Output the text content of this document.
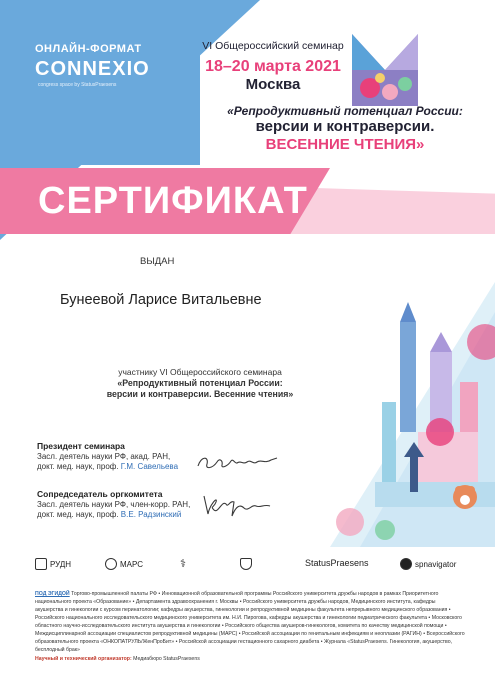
ОНЛАЙН-ФОРМАТ
CONNEXIO
congress space by StatusPraesens
VI Общероссийский семинар
18–20 марта 2021
Москва
«Репродуктивный потенциал России:
версии и контраверсии.
ВЕСЕННИЕ ЧТЕНИЯ»
СЕРТИФИКАТ
ВЫДАН
Бунеевой Ларисе Витальевне
участнику VI Общероссийского семинара
«Репродуктивный потенциал России:
версии и контраверсии. Весенние чтения»
Президент семинара
Засл. деятель науки РФ, акад. РАН,
докт. мед. наук, проф. Г.М. Савельева
Сопредседатель оргкомитета
Засл. деятель науки РФ, член-корр. РАН,
докт. мед. наук, проф. В.Е. Радзинский
РУДН	МАРС	⚕	StatusPraesens	spnavigator
ПОД ЭГИДОЙ Торгово-промышленной палаты РФ • Инновационной образовательной программы Российского университета дружбы народов в рамках Приоритетного национального проекта «Образование» • Департамента здравоохранения г. Москвы • Российского университета дружбы народов, Медицинского института, кафедры акушерства и гинекологии с курсом перинатологии; кафедры акушерства, гинекологии и репродуктивной медицины факультета непрерывного медицинского образования • Российского национального исследовательского медицинского университета им. Н.И. Пирогова, кафедры акушерства и гинекологии педиатрического факультета • Московского областного научно-исследовательского института акушерства и гинекологии • Российского общества акушеров-гинекологов, комитета по качеству медицинской помощи • Междисциплинарной ассоциации специалистов репродуктивной медицины (МАРС) • Российской ассоциации по генитальным инфекциям и неоплазии (РАГИН) • Всероссийского образовательного проекта «ОНКОПАТРУЛЬ/ЖенПроБит» • Российской ассоциации гестационного сахарного диабета • Журнала «StatusPraesens. Гинекология, акушерство, бесплодный брак»
Научный и технический организатор: Медиабюро StatusPraesens
